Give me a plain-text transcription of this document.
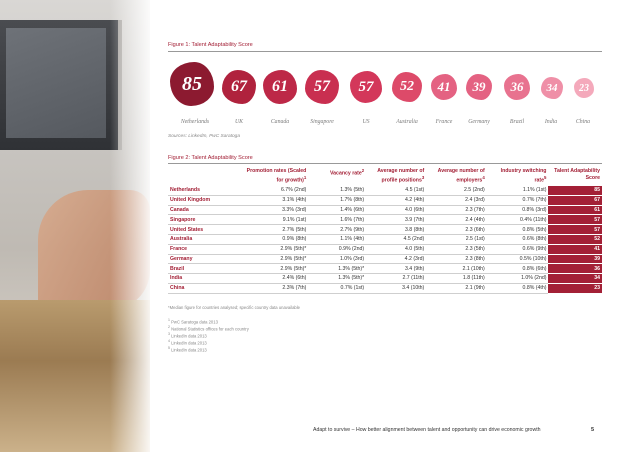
Figure 1: Talent Adaptability Score
85 67 61 57 57 52 41 39 36 34 23
Netherlands	UK	Canada	Singapore	US	Australia	France	Germany	Brazil	India	China
Sources: LinkedIn, PwC Saratoga
Figure 2: Talent Adaptability Score
	Promotion rates (Scaled for growth)$^1$	Vacancy rate$^2$	Average number of profile positions$^3$	Average number of employers$^4$	Industry switching rate$^5$	Talent Adaptability Score
Netherlands	6.7% (2nd)	1.3% (5th)	4.5 (1st)	2.5 (2nd)	1.1% (1st)	85
United Kingdom	3.1% (4th)	1.7% (8th)	4.2 (4th)	2.4 (3rd)	0.7% (7th)	67
Canada	3.3% (3rd)	1.4% (6th)	4.0 (6th)	2.3 (7th)	0.8% (3rd)	61
Singapore	9.1% (1st)	1.6% (7th)	3.9 (7th)	2.4 (4th)	0.4% (11th)	57
United States	2.7% (5th)	2.7% (9th)	3.8 (8th)	2.3 (6th)	0.8% (5th)	57
Australia	0.9% (8th)	1.1% (4th)	4.5 (2nd)	2.5 (1st)	0.6% (8th)	52
France	2.9% (5th)*	0.9% (2nd)	4.0 (5th)	2.3 (5th)	0.6% (9th)	41
Germany	2.9% (5th)*	1.0% (3rd)	4.2 (3rd)	2.3 (8th)	0.5% (10th)	39
Brazil	2.9% (5th)*	1.3% (5th)*	3.4 (9th)	2.1 (10th)	0.8% (6th)	36
India	2.4% (6th)	1.3% (5th)*	2.7 (11th)	1.8 (11th)	1.0% (2nd)	34
China	2.3% (7th)	0.7% (1st)	3.4 (10th)	2.1 (9th)	0.8% (4th)	23
*Median figure for countries analysed; specific country data unavailable
$^1$ PwC Saratoga data 2013
$^2$ National Statistics offices for each country
$^3$ LinkedIn data 2013
$^4$ LinkedIn data 2013
$^5$ LinkedIn data 2013
Adapt to survive – How better alignment between talent and opportunity can drive economic growth	5
